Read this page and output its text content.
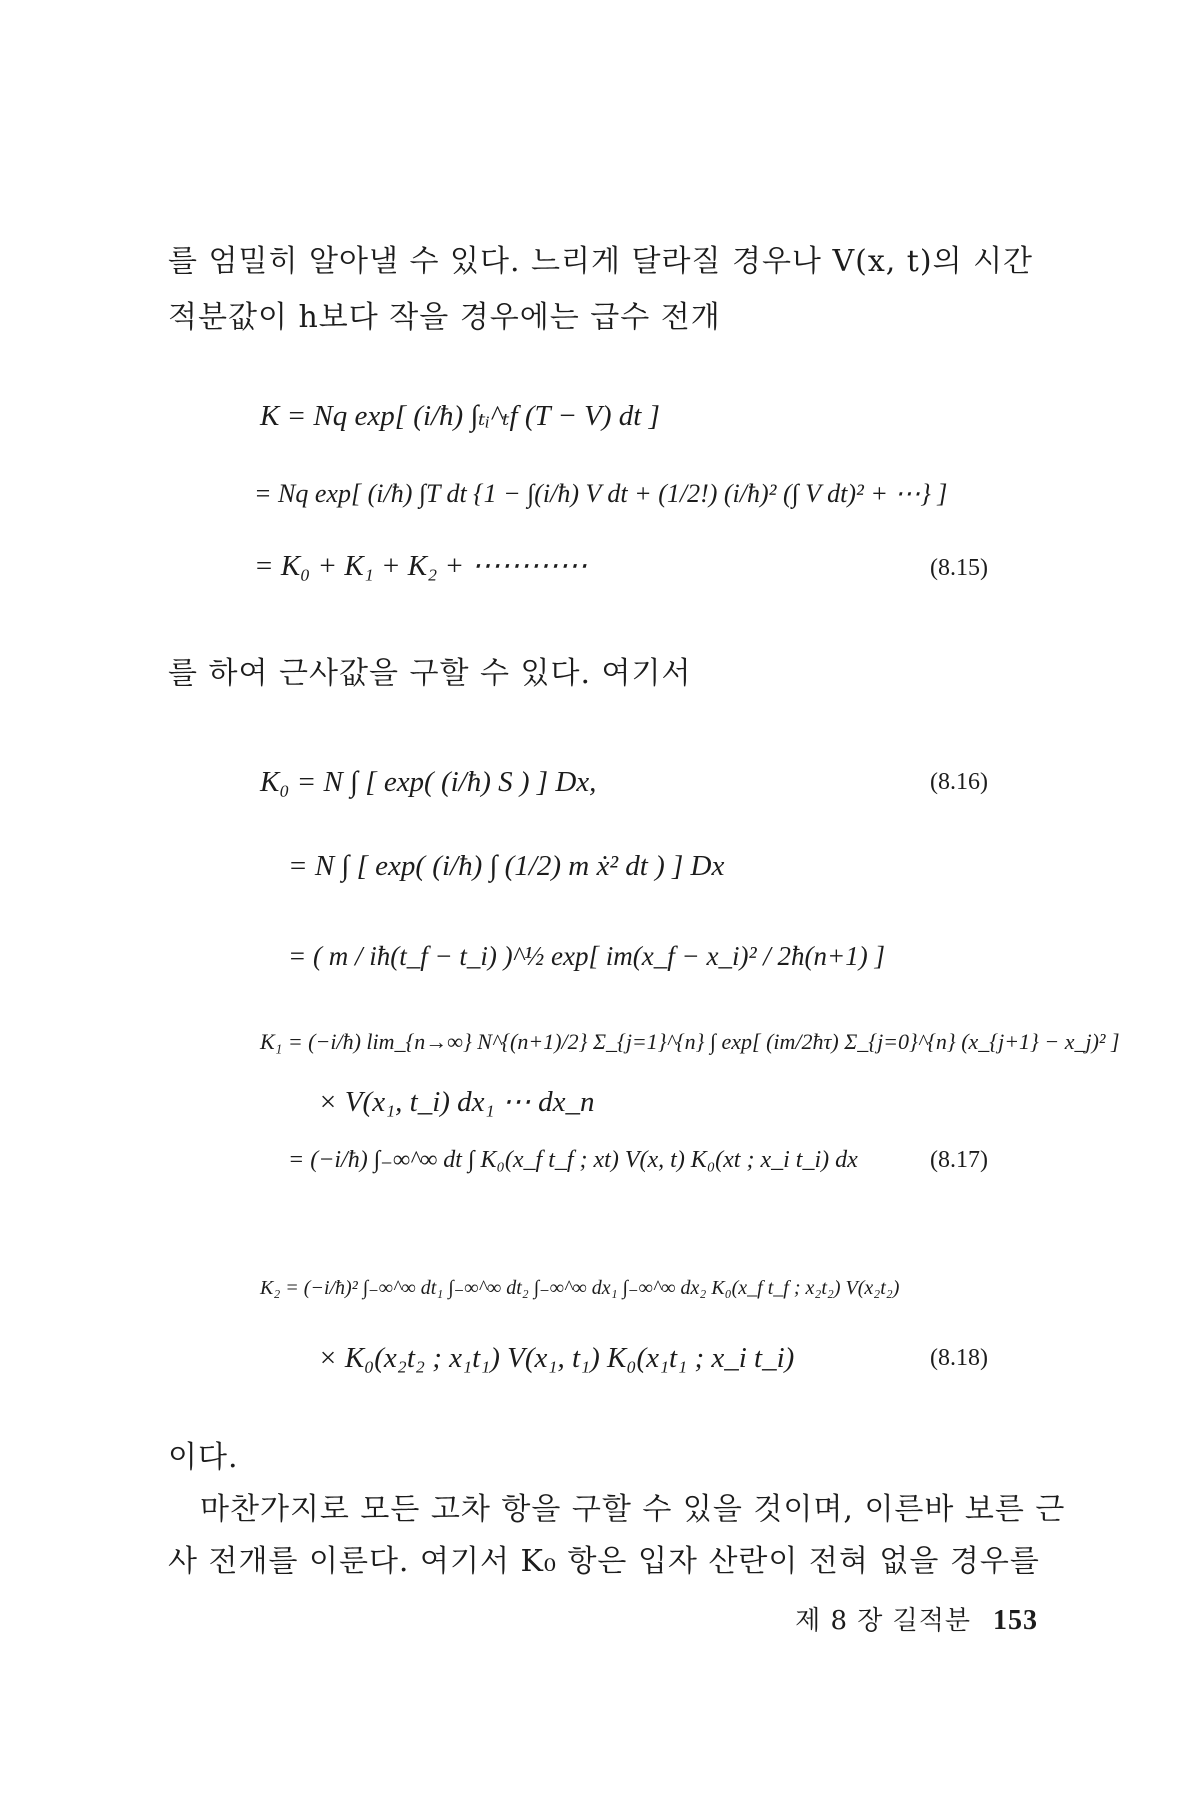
를 엄밀히 알아낼 수 있다. 느리게 달라질 경우나 V(x, t)의 시간
적분값이 h보다 작을 경우에는 급수 전개
K = Nq exp[ (i/ħ) ∫ₜᵢ^ₜf (T − V) dt ]
= Nq exp[ (i/ħ) ∫T dt {1 − ∫(i/ħ) V dt + (1/2!) (i/ħ)² (∫ V dt)² + ⋯} ]
= K₀ + K₁ + K₂ + ⋯⋯⋯⋯	(8.15)
를 하여 근사값을 구할 수 있다. 여기서
K₀ = N ∫ [ exp( (i/ħ) S ) ] Dx,	(8.16)
= N ∫ [ exp( (i/ħ) ∫ (1/2) m ẋ² dt ) ] Dx
= ( m / iħ(t_f − t_i) )^½ exp[ im(x_f − x_i)² / 2ħ(n+1) ]
K₁ = (−i/ħ) lim_{n→∞} N^{(n+1)/2} Σ_{j=1}^{n} ∫ exp[ (im/2ħτ) Σ_{j=0}^{n} (x_{j+1} − x_j)² ]
× V(x₁, t_i) dx₁ ⋯ dx_n
= (−i/ħ) ∫₋∞^∞ dt ∫ K₀(x_f t_f ; xt) V(x, t) K₀(xt ; x_i t_i) dx	(8.17)
K₂ = (−i/ħ)² ∫₋∞^∞ dt₁ ∫₋∞^∞ dt₂ ∫₋∞^∞ dx₁ ∫₋∞^∞ dx₂ K₀(x_f t_f ; x₂t₂) V(x₂t₂)
× K₀(x₂t₂ ; x₁t₁) V(x₁, t₁) K₀(x₁t₁ ; x_i t_i)	(8.18)
이다.
마찬가지로 모든 고차 항을 구할 수 있을 것이며, 이른바 보른 근
사 전개를 이룬다. 여기서 K₀ 항은 입자 산란이 전혀 없을 경우를
제 8 장 길적분 153
